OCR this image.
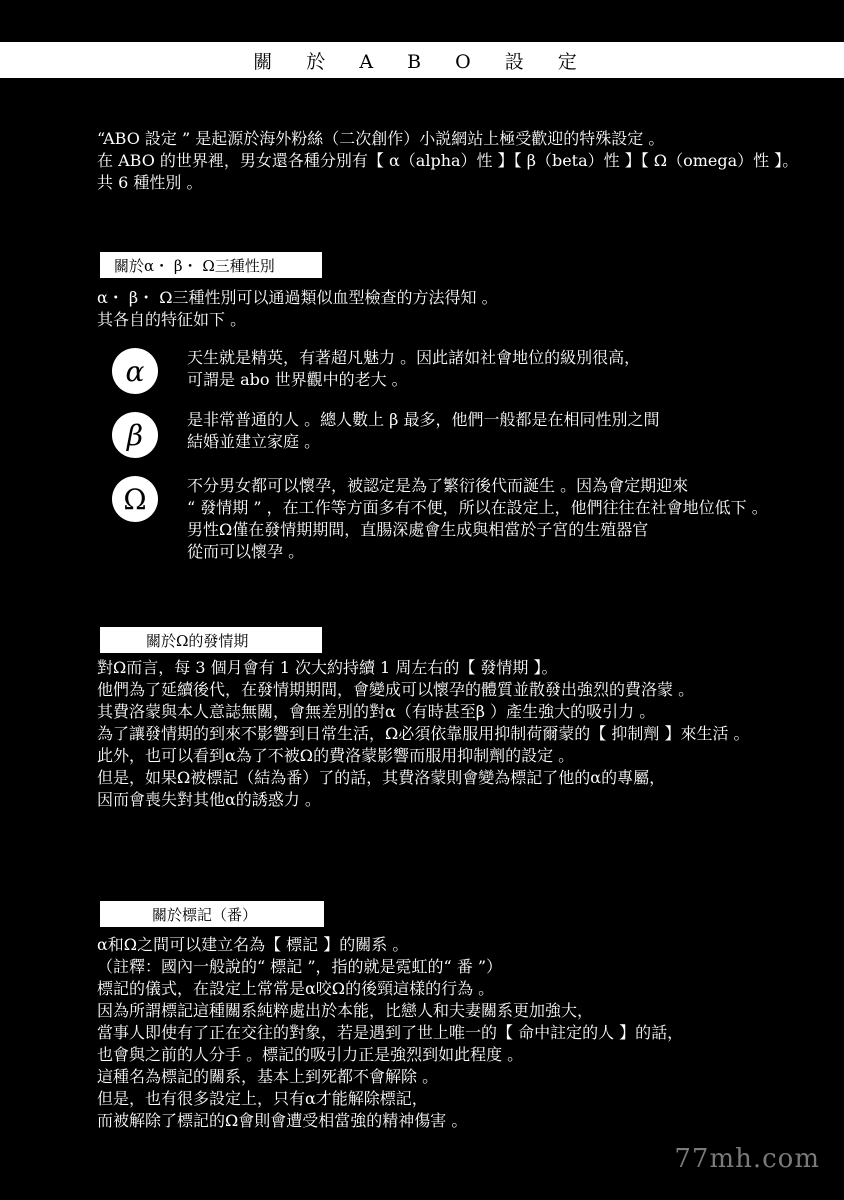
關 於 A B O 設 定
“ABO 設定 ” 是起源於海外粉絲（二次創作）小説網站上極受歡迎的特殊設定 。
在 ABO 的世界裡，男女還各種分別有【 α（alpha）性 】【 β（beta）性 】【 Ω（omega）性 】。
共 6 種性別 。
關於α・ β・ Ω三種性別
α・ β・ Ω三種性別可以通過類似血型檢查的方法得知 。
其各自的特征如下 。
α	天生就是精英，有著超凡魅力 。因此諸如社會地位的級別很高，
可謂是 abo 世界觀中的老大 。
β	是非常普通的人 。總人數上 β 最多，他們一般都是在相同性別之間
結婚並建立家庭 。
Ω	不分男女都可以懷孕，被認定是為了繁衍後代而誕生 。因為會定期迎來
“ 發情期 ” ，在工作等方面多有不便，所以在設定上，他們往往在社會地位低下 。
男性Ω僅在發情期期間，直腸深處會生成與相當於子宮的生殖器官
從而可以懷孕 。
關於Ω的發情期
對Ω而言，每 3 個月會有 1 次大約持續 1 周左右的【 發情期 】。
他們為了延續後代，在發情期期間，會變成可以懷孕的體質並散發出強烈的費洛蒙 。
其費洛蒙與本人意誌無關，會無差別的對α（有時甚至β ）產生強大的吸引力 。
為了讓發情期的到來不影響到日常生活，Ω必須依靠服用抑制荷爾蒙的【 抑制劑 】來生活 。
此外，也可以看到α為了不被Ω的費洛蒙影響而服用抑制劑的設定 。
但是，如果Ω被標記（結為番）了的話，其費洛蒙則會變為標記了他的α的專屬，
因而會喪失對其他α的誘惑力 。
關於標記（番）
α和Ω之間可以建立名為【 標記 】的關系 。
（註釋：國內一般說的“ 標記 ”，指的就是霓虹的“ 番 ”）
標記的儀式，在設定上常常是α咬Ω的後頸這樣的行為 。
因為所謂標記這種關系純粹處出於本能，比戀人和夫妻關系更加強大，
當事人即使有了正在交往的對象，若是遇到了世上唯一的【 命中註定的人 】的話，
也會與之前的人分手 。標記的吸引力正是強烈到如此程度 。
這種名為標記的關系，基本上到死都不會解除 。
但是，也有很多設定上，只有α才能解除標記，
而被解除了標記的Ω會則會遭受相當強的精神傷害 。
77mh.com
